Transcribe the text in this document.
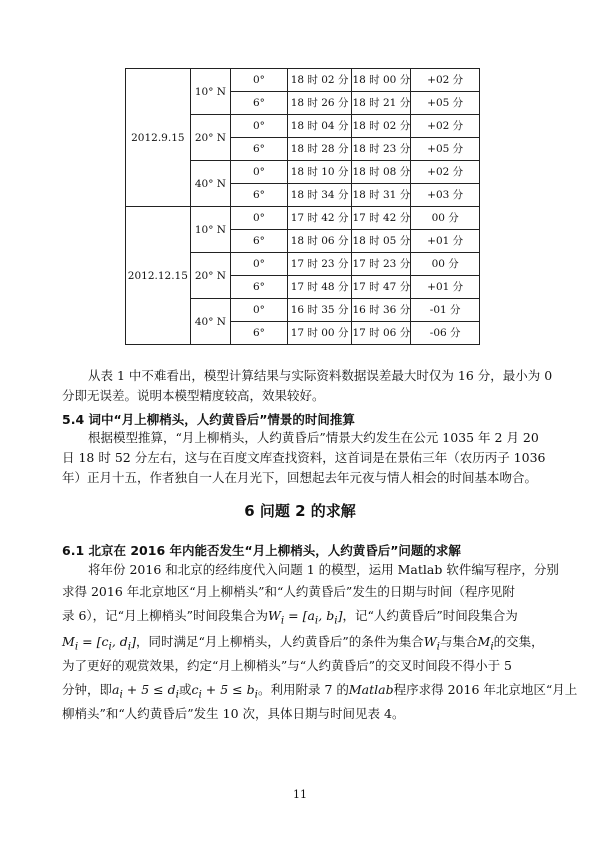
2012.9.15	10° N	0°	18 时 02 分	18 时 00 分	+02 分
		6°	18 时 26 分	18 时 21 分	+05 分
	20° N	0°	18 时 04 分	18 时 02 分	+02 分
		6°	18 时 28 分	18 时 23 分	+05 分
	40° N	0°	18 时 10 分	18 时 08 分	+02 分
		6°	18 时 34 分	18 时 31 分	+03 分
2012.12.15	10° N	0°	17 时 42 分	17 时 42 分	00 分
		6°	18 时 06 分	18 时 05 分	+01 分
	20° N	0°	17 时 23 分	17 时 23 分	00 分
		6°	17 时 48 分	17 时 47 分	+01 分
	40° N	0°	16 时 35 分	16 时 36 分	-01 分
		6°	17 时 00 分	17 时 06 分	-06 分
从表 1 中不难看出，模型计算结果与实际资料数据误差最大时仅为 16 分，最小为 0
分即无误差。说明本模型精度较高，效果较好。
5.4 词中“月上柳梢头，人约黄昏后”情景的时间推算
根据模型推算，“月上柳梢头，人约黄昏后”情景大约发生在公元 1035 年 2 月 20
日 18 时 52 分左右，这与在百度文库查找资料，这首词是在景佑三年（农历丙子 1036
年）正月十五，作者独自一人在月光下，回想起去年元夜与情人相会的时间基本吻合。
6 问题 2 的求解
6.1 北京在 2016 年内能否发生“月上柳梢头，人约黄昏后”问题的求解
将年份 2016 和北京的经纬度代入问题 1 的模型，运用 Matlab 软件编写程序，分别
求得 2016 年北京地区“月上柳梢头”和“人约黄昏后”发生的日期与时间（程序见附
录 6），记“月上柳梢头”时间段集合为$W_i = [a_i$, $b_i$]，记“人约黄昏后”时间段集合为
$M_i = [c_i$, $d_i$]，同时满足“月上柳梢头，人约黄昏后”的条件为集合$W_i$与集合$M_i$的交集，
为了更好的观赏效果，约定“月上柳梢头”与“人约黄昏后”的交叉时间段不得小于 5
分钟，即$a_i + 5 \le d_i$或$c_i + 5 \le b_i$。利用附录 7 的Matlab程序求得 2016 年北京地区“月上
柳梢头”和“人约黄昏后”发生 10 次，具体日期与时间见表 4。
11
